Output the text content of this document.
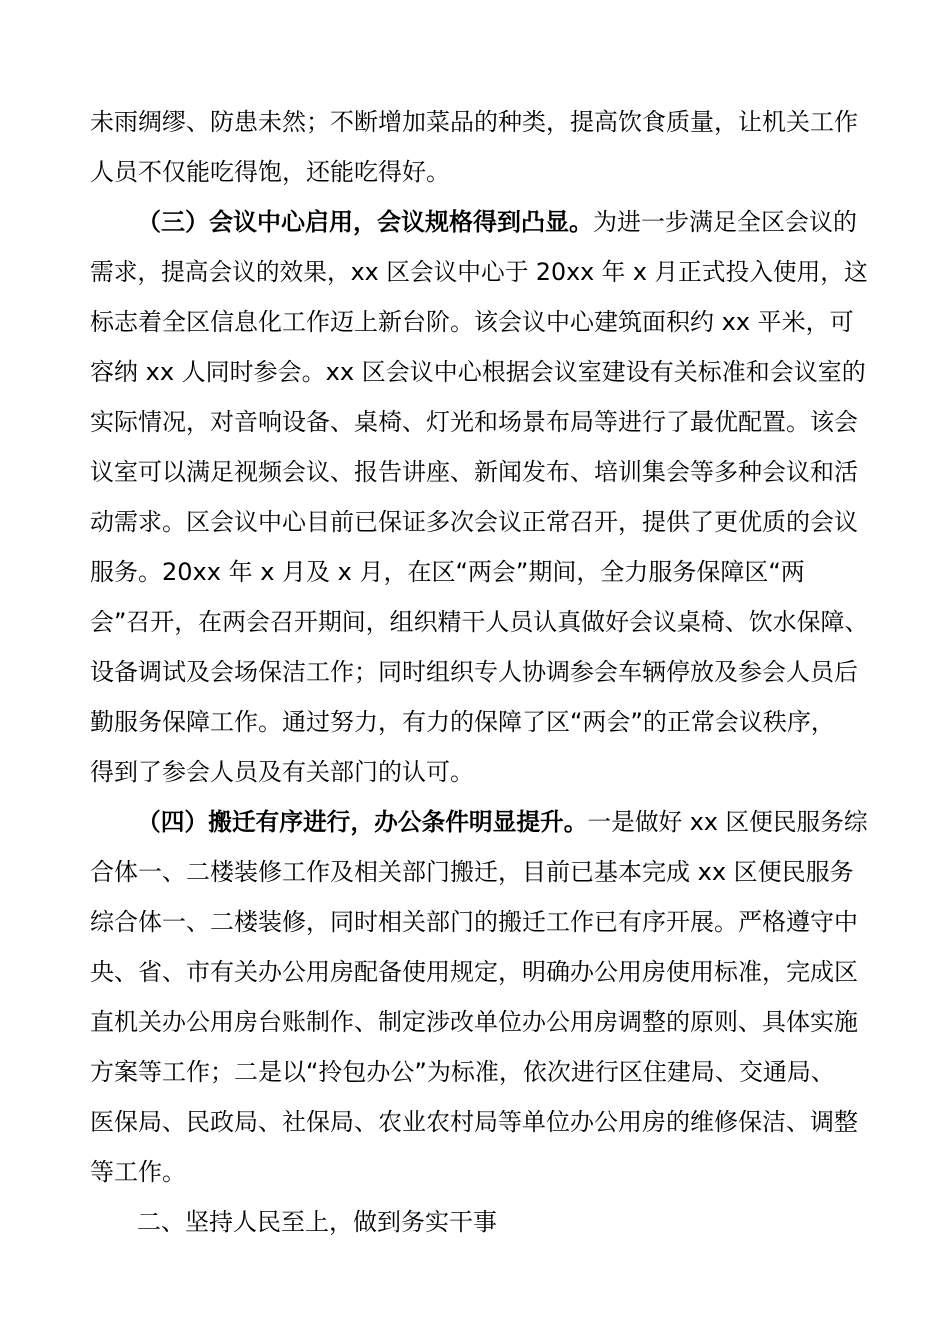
未雨绸缪、防患未然；不断增加菜品的种类，提高饮食质量，让机关工作
人员不仅能吃得饱，还能吃得好。
（三）会议中心启用，会议规格得到凸显。为进一步满足全区会议的
需求，提高会议的效果，xx 区会议中心于 20xx 年 x 月正式投入使用，这
标志着全区信息化工作迈上新台阶。该会议中心建筑面积约 xx 平米，可
容纳 xx 人同时参会。xx 区会议中心根据会议室建设有关标准和会议室的
实际情况，对音响设备、桌椅、灯光和场景布局等进行了最优配置。该会
议室可以满足视频会议、报告讲座、新闻发布、培训集会等多种会议和活
动需求。区会议中心目前已保证多次会议正常召开，提供了更优质的会议
服务。20xx 年 x 月及 x 月，在区“两会”期间，全力服务保障区“两
会”召开，在两会召开期间，组织精干人员认真做好会议桌椅、饮水保障、
设备调试及会场保洁工作；同时组织专人协调参会车辆停放及参会人员后
勤服务保障工作。通过努力，有力的保障了区“两会”的正常会议秩序，
得到了参会人员及有关部门的认可。
（四）搬迁有序进行，办公条件明显提升。一是做好 xx 区便民服务综
合体一、二楼装修工作及相关部门搬迁，目前已基本完成 xx 区便民服务
综合体一、二楼装修，同时相关部门的搬迁工作已有序开展。严格遵守中
央、省、市有关办公用房配备使用规定，明确办公用房使用标准，完成区
直机关办公用房台账制作、制定涉改单位办公用房调整的原则、具体实施
方案等工作；二是以“拎包办公”为标准，依次进行区住建局、交通局、
医保局、民政局、社保局、农业农村局等单位办公用房的维修保洁、调整
等工作。
二、坚持人民至上，做到务实干事
